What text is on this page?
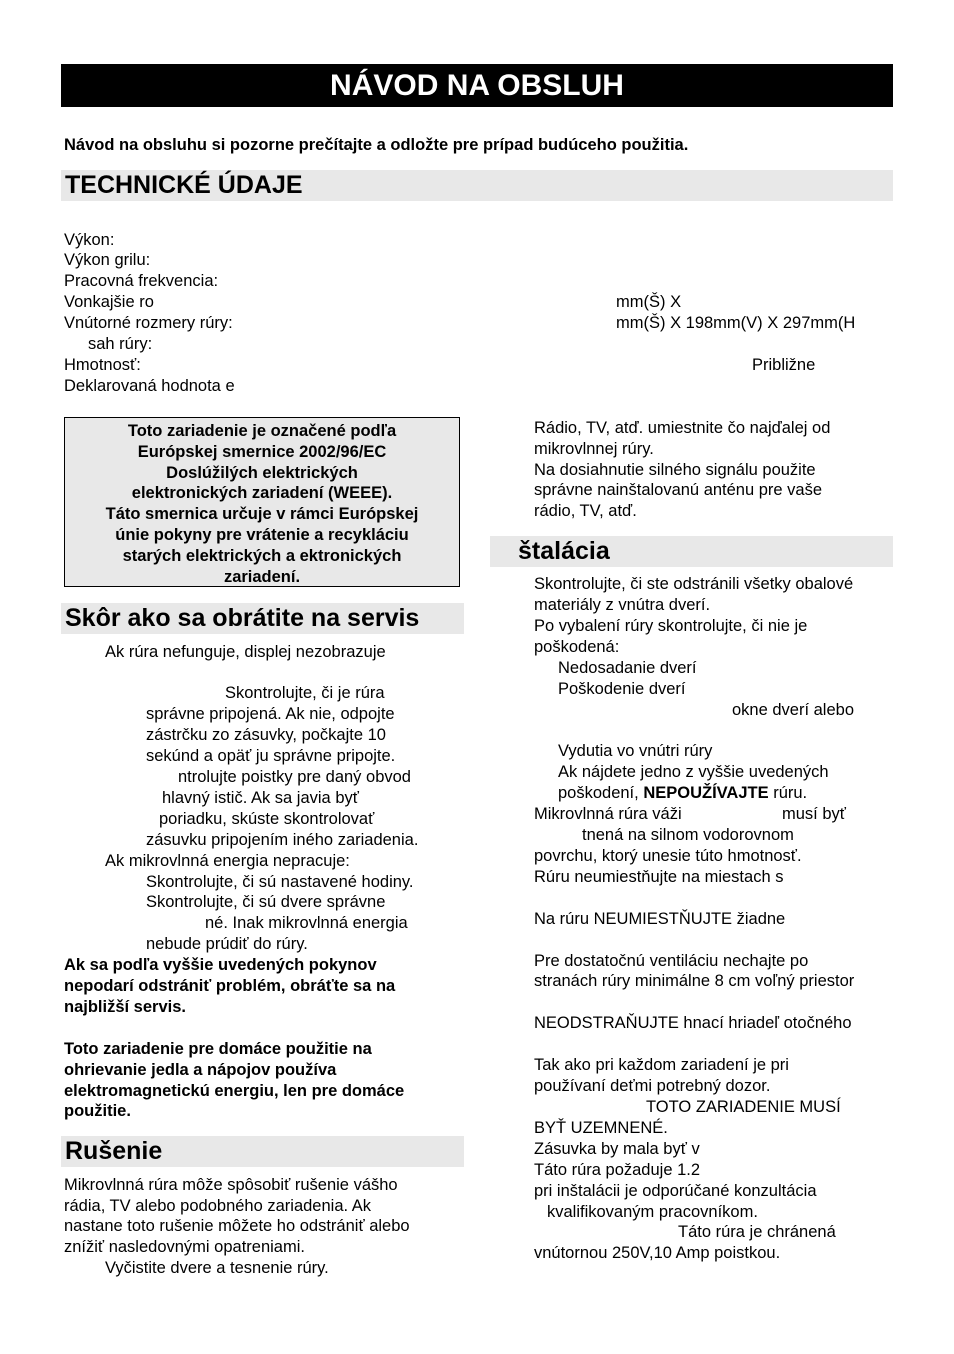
NÁVOD NA OBSLUH
Návod na obsluhu si pozorne prečítajte a odložte pre prípad budúceho použitia.
TECHNICKÉ ÚDAJE
Výkon:
Výkon grilu:
Pracovná frekvencia:
Vonkajšie ro
Vnútorné rozmery rúry:
sah rúry:
Hmotnosť:
Deklarovaná hodnota e
mm(Š) X
mm(Š) X 198mm(V) X 297mm(H
Približne
Toto zariadenie je označené podľa
Európskej smernice 2002/96/EC
Doslúžilých elektrických
elektronických zariadení (WEEE).
Táto smernica určuje v rámci Európskej
únie pokyny pre vrátenie a recykláciu
starých elektrických a ektronických
zariadení.
Skôr ako sa obrátite na servis
Ak rúra nefunguje, displej nezobrazuje
Skontrolujte, či je rúra
správne pripojená. Ak nie, odpojte
zástrčku zo zásuvky, počkajte 10
sekúnd a opäť ju správne pripojte.
ntrolujte poistky pre daný obvod
hlavný istič. Ak sa javia byť
poriadku, skúste skontrolovať
zásuvku pripojením iného zariadenia.
Ak mikrovlnná energia nepracuje:
Skontrolujte, či sú nastavené hodiny.
Skontrolujte, či sú dvere správne
né. Inak mikrovlnná energia
nebude prúdiť do rúry.
Ak sa podľa vyššie uvedených pokynov
nepodarí odstrániť problém, obráťte sa na
najbližší servis.
Toto zariadenie pre domáce použitie na
ohrievanie jedla a nápojov používa
elektromagnetickú energiu, len pre domáce
použitie.
Rušenie
Mikrovlnná rúra môže spôsobiť rušenie vášho
rádia, TV alebo podobného zariadenia. Ak
nastane toto rušenie môžete ho odstrániť alebo
znížiť nasledovnými opatreniami.
Vyčistite dvere a tesnenie rúry.
Rádio, TV, atď. umiestnite čo najďalej od
mikrovlnnej rúry.
Na dosiahnutie silného signálu použite
správne nainštalovanú anténu pre vaše
rádio, TV, atď.
štalácia
Skontrolujte, či ste odstránili všetky obalové
materiály z vnútra dverí.
Po vybalení rúry skontrolujte, či nie je
poškodená:
Nedosadanie dverí
Poškodenie dverí
okne dverí alebo
Vydutia vo vnútri rúry
Ak nájdete jedno z vyššie uvedených
poškodení, NEPOUŽÍVAJTE rúru.
Mikrovlnná rúra váži	musí byť
tnená na silnom vodorovnom
povrchu, ktorý unesie túto hmotnosť.
Rúru neumiestňujte na miestach s
Na rúru NEUMIESTŇUJTE žiadne
Pre dostatočnú ventiláciu nechajte po
stranách rúry minimálne 8 cm voľný priestor
NEODSTRAŇUJTE hnací hriadeľ otočného
Tak ako pri každom zariadení je pri
používaní deťmi potrebný dozor.
TOTO ZARIADENIE MUSÍ
BYŤ UZEMNENÉ.
Zásuvka by mala byť v
Táto rúra požaduje 1.2
pri inštalácii je odporúčané konzultácia
kvalifikovaným pracovníkom.
Táto rúra je chránená
vnútornou 250V,10 Amp poistkou.
